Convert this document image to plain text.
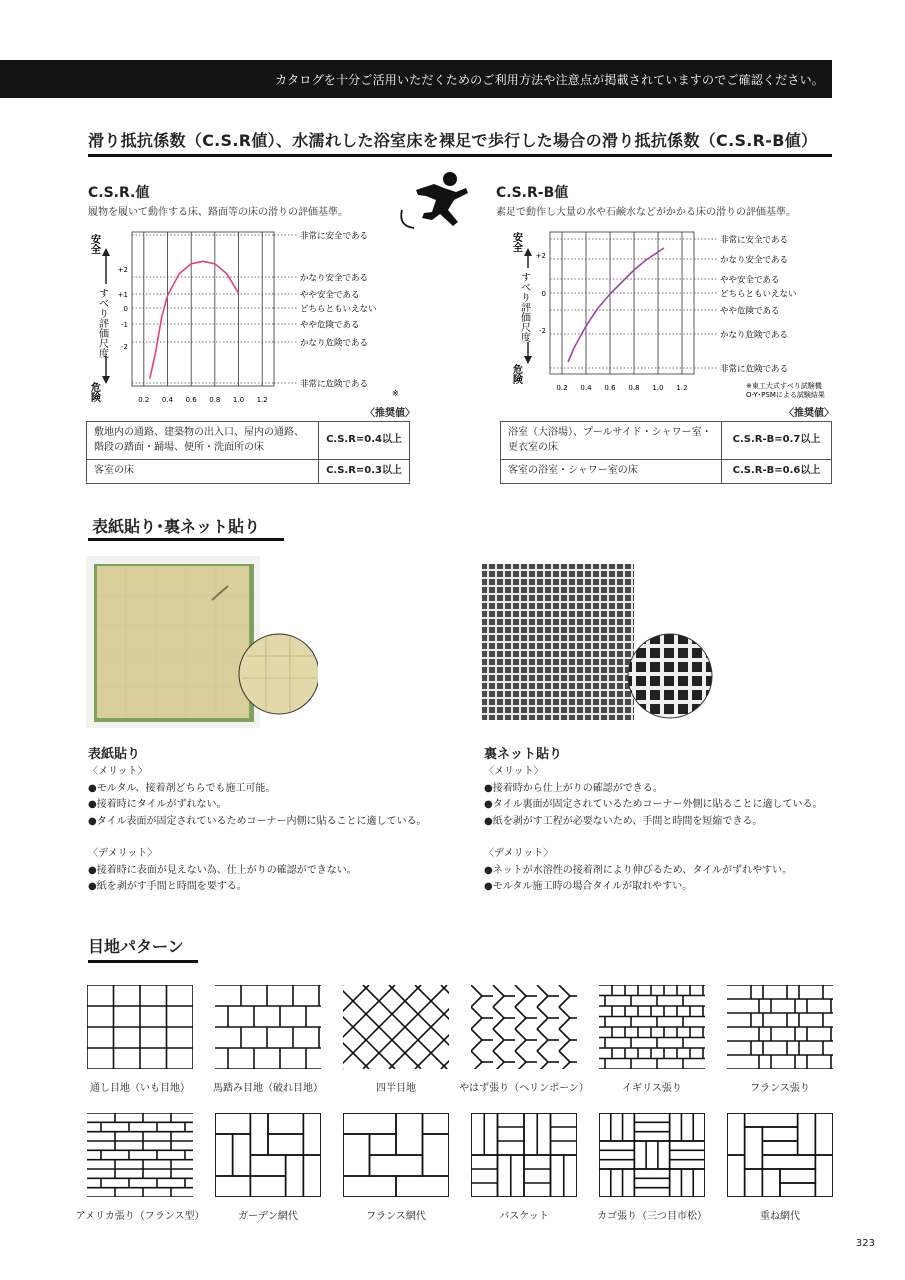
カタログを十分ご活用いただくためのご利用方法や注意点が掲載されていますのでご確認ください。
滑り抵抗係数（C.S.R値）、水濡れした浴室床を裸足で歩行した場合の滑り抵抗係数（C.S.R-B値）
C.S.R.値
履物を履いて動作する床、路面等の床の滑りの評価基準。
安全
すべり評価尺度
危険	0.2 0.4 0.6 0.8 1.0 1.2
非常に安全である
かなり安全である
やや安全である
どちらともいえない
やや危険である
かなり危険である
非常に危険である
+2
+1
0
-1
-2
※
〈推奨値〉
敷地内の通路、建築物の出入口、屋内の通路、階段の踏面・踊場、便所・洗面所の床	C.S.R=0.4以上
客室の床	C.S.R=0.3以上
C.S.R-B値
素足で動作し大量の水や石鹸水などがかかる床の滑りの評価基準。
安全
すべり評価尺度
危険
0.2 0.4 0.6 0.8 1.0 1.2
非常に安全である
かなり安全である
やや安全である
どちらともいえない
やや危険である
かなり危険である
非常に危険である
+2
0
-2
※東工大式すべり試験機
O-Y･PSMによる試験結果
〈推奨値〉
浴室（大浴場）、プールサイド・シャワー室・更衣室の床	C.S.R-B=0.7以上
客室の浴室・シャワー室の床	C.S.R-B=0.6以上
表紙貼り･裏ネット貼り
表紙貼り
〈メリット〉
●モルタル、接着剤どちらでも施工可能。
●接着時にタイルがずれない。
●タイル表面が固定されているためコーナー内側に貼ることに適している。
〈デメリット〉
●接着時に表面が見えない為、仕上がりの確認ができない。
●紙を剥がす手間と時間を要する。
裏ネット貼り
〈メリット〉
●接着時から仕上がりの確認ができる。
●タイル裏面が固定されているためコーナー外側に貼ることに適している。
●紙を剥がす工程が必要ないため、手間と時間を短縮できる。
〈デメリット〉
●ネットが水溶性の接着剤により伸びるため、タイルがずれやすい。
●モルタル施工時の場合タイルが取れやすい。
目地パターン
通し目地（いも目地）	馬踏み目地（破れ目地）	四半目地	やはず張り（ヘリンボーン）	イギリス張り	フランス張り
アメリカ張り（フランス型）	ガーデン網代	フランス網代	バスケット	カゴ張り（三つ目市松）	重ね網代
323
